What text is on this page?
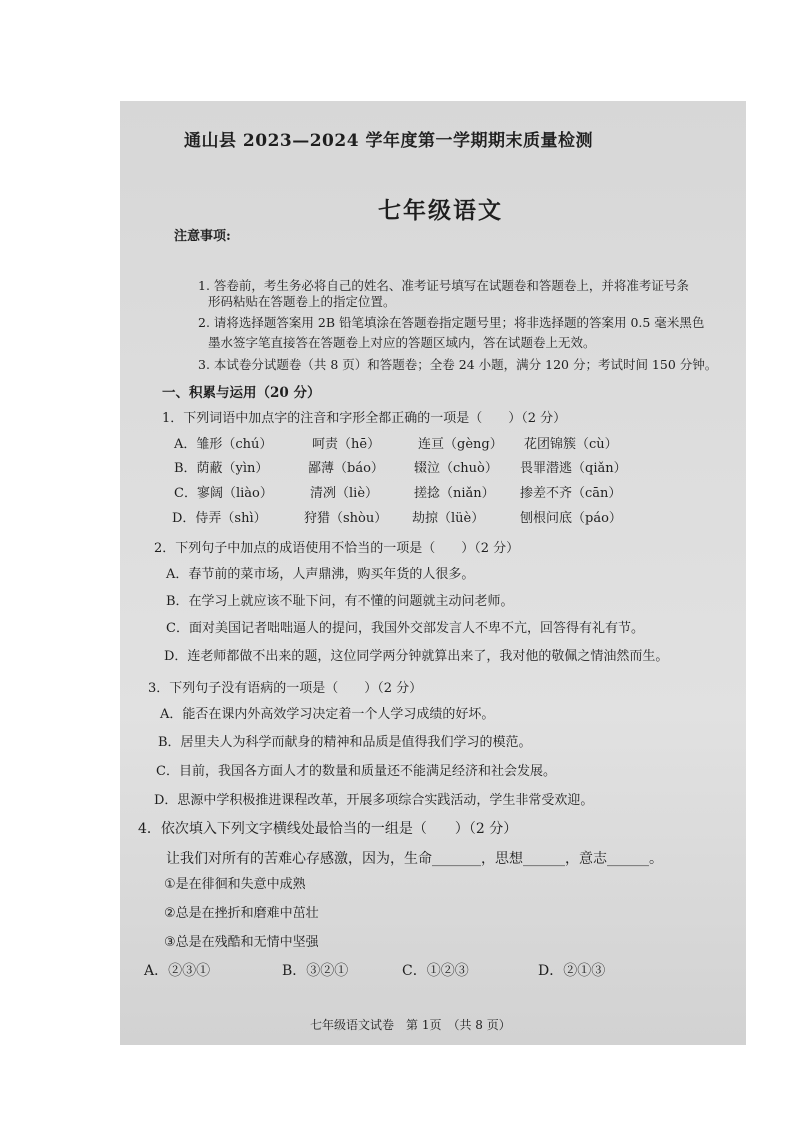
通山县 2023—2024 学年度第一学期期末质量检测
七年级语文
注意事项:
1. 答卷前，考生务必将自己的姓名、准考证号填写在试题卷和答题卷上，并将准考证号条
形码粘贴在答题卷上的指定位置。
2. 请将选择题答案用 2B 铅笔填涂在答题卷指定题号里；将非选择题的答案用 0.5 毫米黑色
墨水签字笔直接答在答题卷上对应的答题区域内，答在试题卷上无效。
3. 本试卷分试题卷（共 8 页）和答题卷；全卷 24 小题，满分 120 分；考试时间 150 分钟。
一、积累与运用（20 分）
1．下列词语中加点字的注音和字形全都正确的一项是（　　）（2 分）
A．雏形（chú）	呵责（hē）	连亘（gèng） 花团锦簇（cù）
B．荫蔽（yìn）	鄙薄（báo） 辍泣（chuò） 畏罪潜逃（qiǎn）
C．寥阔（liào）	清冽（liè）	搓捻（niǎn） 掺差不齐（cān）
D．侍弄（shì）	狩猎（shòu） 劫掠（lüè）	刨根问底（páo）
2．下列句子中加点的成语使用不恰当的一项是（　　）（2 分）
A．春节前的菜市场，人声鼎沸，购买年货的人很多。
B．在学习上就应该不耻下问，有不懂的问题就主动问老师。
C．面对美国记者咄咄逼人的提问，我国外交部发言人不卑不亢，回答得有礼有节。
D．连老师都做不出来的题，这位同学两分钟就算出来了，我对他的敬佩之情油然而生。
3．下列句子没有语病的一项是（　　）（2 分）
A．能否在课内外高效学习决定着一个人学习成绩的好坏。
B．居里夫人为科学而献身的精神和品质是值得我们学习的模范。
C．目前，我国各方面人才的数量和质量还不能满足经济和社会发展。
D．思源中学积极推进课程改革，开展多项综合实践活动，学生非常受欢迎。
4．依次填入下列文字横线处最恰当的一组是（　　）（2 分）
让我们对所有的苦难心存感激，因为，生命_______，思想______，意志______。
①是在徘徊和失意中成熟
②总是在挫折和磨难中茁壮
③总是在残酷和无情中坚强
A．②③①	B．③②①	C．①②③	D．②①③
七年级语文试卷　第 1页　（共 8 页）
